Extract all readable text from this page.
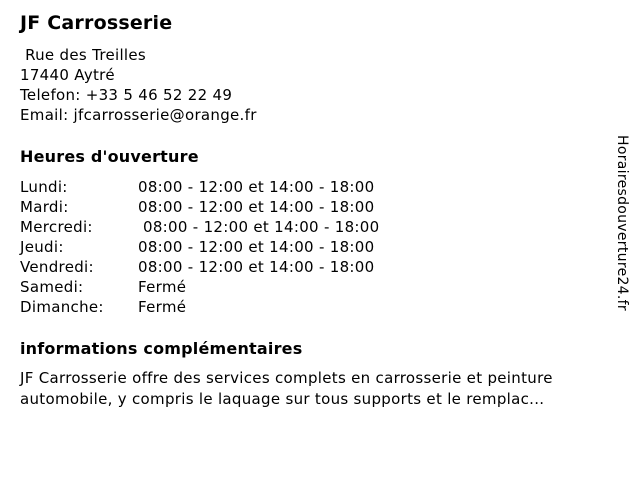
JF Carrosserie
Rue des Treilles
17440 Aytré
Telefon: +33 5 46 52 22 49
Email: jfcarrosserie@orange.fr
Heures d'ouverture
Lundi:	08:00 - 12:00 et 14:00 - 18:00
Mardi:	08:00 - 12:00 et 14:00 - 18:00
Mercredi:	08:00 - 12:00 et 14:00 - 18:00
Jeudi:	08:00 - 12:00 et 14:00 - 18:00
Vendredi:	08:00 - 12:00 et 14:00 - 18:00
Samedi:	Fermé
Dimanche:	Fermé
informations complémentaires

JF Carrosserie offre des services complets en carrosserie et peinture automobile, y compris le laquage sur tous supports et le remplac...

Horairesdouverture24.fr
